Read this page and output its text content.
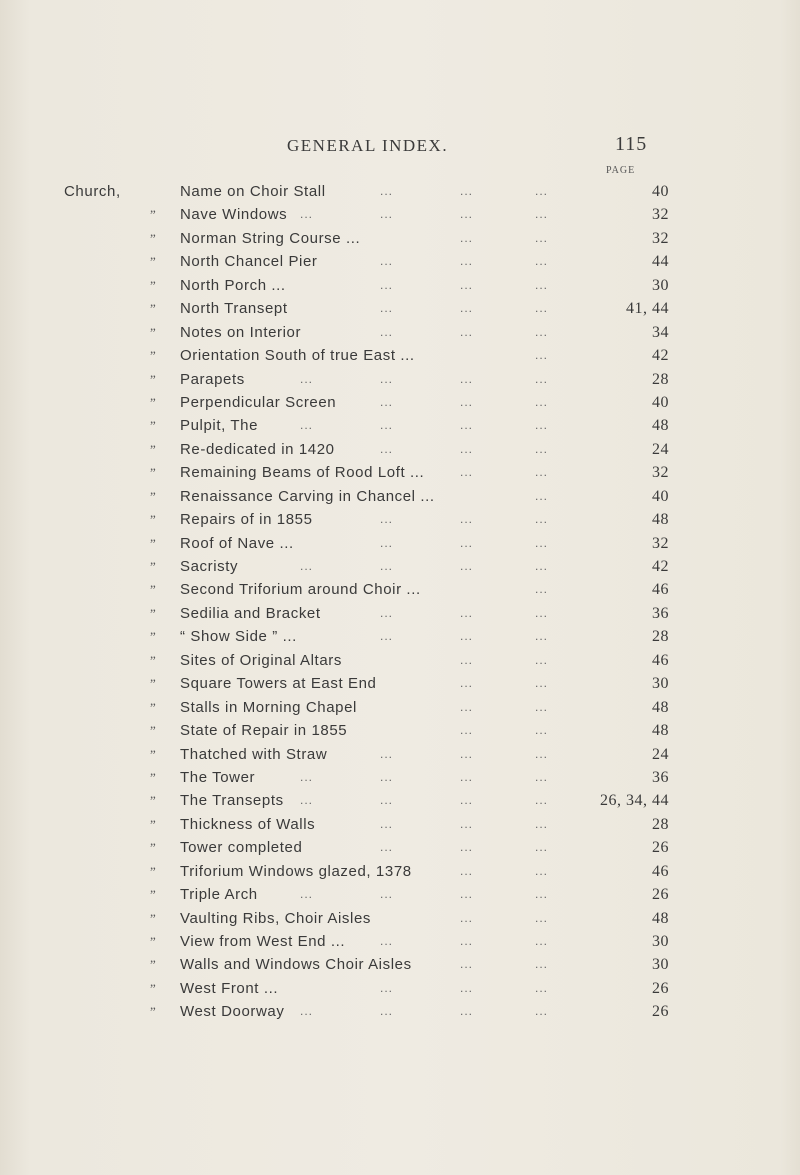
GENERAL INDEX.	115
PAGE
Church,	Name on Choir Stall	...	...	...	40
” Nave Windows ...	...	...	...	32
” Norman String Course ...	...	...	32
” North Chancel Pier	...	...	...	44
” North Porch ...	...	...	...	30
” North Transept	...	...	...	41, 44
” Notes on Interior	...	...	...	34
” Orientation South of true East ...	...	42
” Parapets	...	...	...	...	28
” Perpendicular Screen	...	...	...	40
” Pulpit, The	...	...	...	...	48
” Re-dedicated in 1420	...	...	...	24
” Remaining Beams of Rood Loft ...	...	...	32
” Renaissance Carving in Chancel ...	...	40
” Repairs of in 1855	...	...	...	48
” Roof of Nave ...	...	...	...	32
” Sacristy	...	...	...	...	42
” Second Triforium around Choir ...	...	46
” Sedilia and Bracket	...	...	...	36
” “ Show Side ” ...	...	...	...	28
” Sites of Original Altars	...	...	46
” Square Towers at East End	...	...	30
” Stalls in Morning Chapel	...	...	48
” State of Repair in 1855	...	...	48
” Thatched with Straw	...	...	...	24
” The Tower	...	...	...	...	36
” The Transepts ...	...	...	...	26, 34, 44
” Thickness of Walls	...	...	...	28
” Tower completed	...	...	...	26
” Triforium Windows glazed, 1378	...	...	46
” Triple Arch	...	...	...	...	26
” Vaulting Ribs, Choir Aisles	...	...	48
” View from West End ...	...	...	...	30
” Walls and Windows Choir Aisles	...	...	30
” West Front ...	...	...	...	26
” West Doorway ...	...	...	...	26
